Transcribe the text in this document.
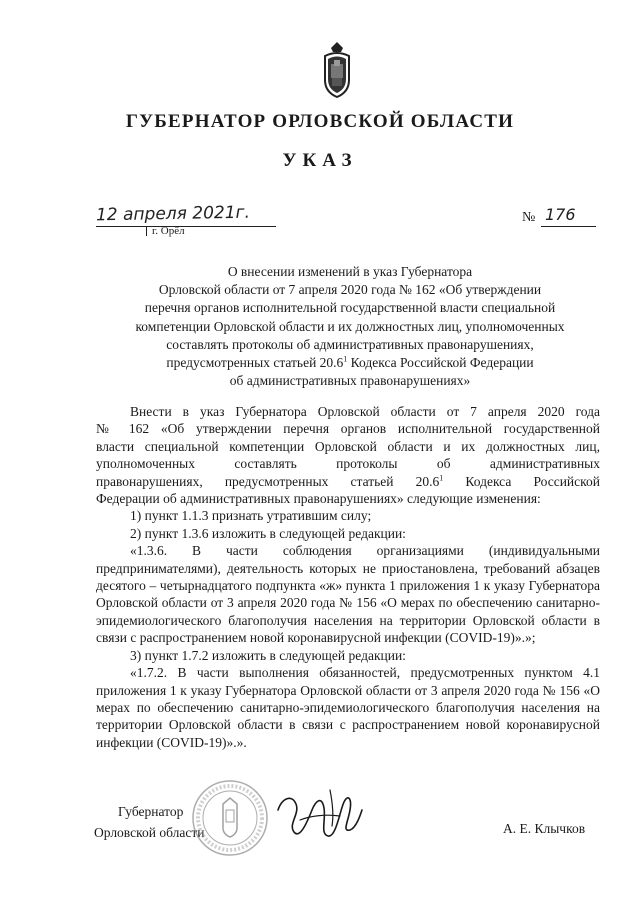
ГУБЕРНАТОР ОРЛОВСКОЙ ОБЛАСТИ
УКАЗ
12 апреля 2021г.
г. Орёл
№ 176
О внесении изменений в указ Губернатора
Орловской области от 7 апреля 2020 года № 162 «Об утверждении
перечня органов исполнительной государственной власти специальной
компетенции Орловской области и их должностных лиц, уполномоченных
составлять протоколы об административных правонарушениях,
предусмотренных статьей 20.6$^1$ Кодекса Российской Федерации
об административных правонарушениях»
Внести в указ Губернатора Орловской области от 7 апреля 2020 года
№ 162 «Об утверждении перечня органов исполнительной государственной
власти специальной компетенции Орловской области и их должностных лиц,
уполномоченных составлять протоколы об административных
правонарушениях, предусмотренных статьей 20.6$^1$ Кодекса Российской
Федерации об административных правонарушениях» следующие изменения:
1) пункт 1.1.3 признать утратившим силу;
2) пункт 1.3.6 изложить в следующей редакции:
«1.3.6. В части соблюдения организациями (индивидуальными предпринимателями), деятельность которых не приостановлена, требований абзацев десятого – четырнадцатого подпункта «ж» пункта 1 приложения 1 к указу Губернатора Орловской области от 3 апреля 2020 года № 156 «О мерах по обеспечению санитарно-эпидемиологического благополучия населения на территории Орловской области в связи с распространением новой коронавирусной инфекции (COVID-19)».»;
3) пункт 1.7.2 изложить в следующей редакции:
«1.7.2. В части выполнения обязанностей, предусмотренных пунктом 4.1 приложения 1 к указу Губернатора Орловской области от 3 апреля 2020 года № 156 «О мерах по обеспечению санитарно-эпидемиологического благополучия населения на территории Орловской области в связи с распространением новой коронавирусной инфекции (COVID-19)».».
Губернатор
Орловской области	А. Е. Клычков
